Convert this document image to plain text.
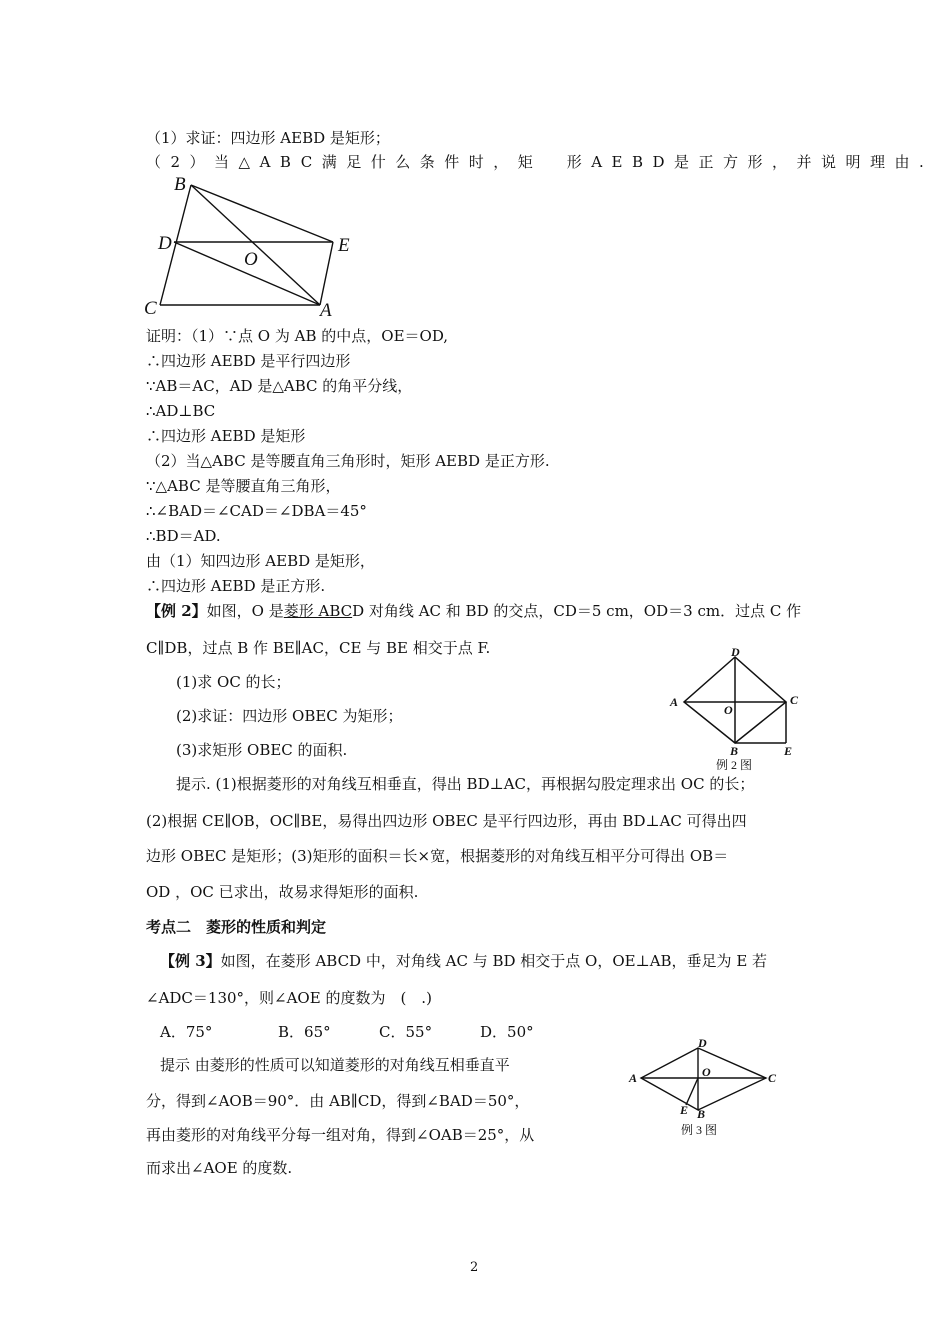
（1）求证：四边形 AEBD 是矩形；
（2）当△ABC满足什么条件时，矩　形AEBD是正方形，并说明理由.
B
D	E
O
C	A
证明：（1）∵点 O 为 AB 的中点，OE＝OD,
∴四边形 AEBD 是平行四边形
∵AB＝AC，AD 是△ABC 的角平分线，
∴AD⊥BC
∴四边形 AEBD 是矩形
（2）当△ABC 是等腰直角三角形时，矩形 AEBD 是正方形.
∵△ABC 是等腰直角三角形，
∴∠BAD＝∠CAD＝∠DBA＝45°
∴BD＝AD.
由（1）知四边形 AEBD 是矩形，
∴四边形 AEBD 是正方形.
【例 2】如图，O 是菱形 ABCD 对角线 AC 和 BD 的交点，CD＝5 cm，OD＝3 cm．过点 C 作
C∥DB，过点 B 作 BE∥AC，CE 与 BE 相交于点 F.
(1)求 OC 的长；
(2)求证：四边形 OBEC 为矩形；
(3)求矩形 OBEC 的面积.
D
A
O
C
B	E
例 2 图
提示. (1)根据菱形的对角线互相垂直，得出 BD⊥AC，再根据勾股定理求出 OC 的长；
(2)根据 CE∥OB，OC∥BE，易得出四边形 OBEC 是平行四边形，再由 BD⊥AC 可得出四
边形 OBEC 是矩形；(3)矩形的面积＝长×宽，根据菱形的对角线互相平分可得出 OB＝
OD ，OC 已求出，故易求得矩形的面积.
考点二　菱形的性质和判定
【例 3】如图，在菱形 ABCD 中，对角线 AC 与 BD 相交于点 O，OE⊥AB，垂足为 E 若
∠ADC＝130°，则∠AOE 的度数为　(　.)
A．75°	B．65°	C．55°	D．50°
提示 由菱形的性质可以知道菱形的对角线互相垂直平
分，得到∠AOB＝90°．由 AB∥CD，得到∠BAD＝50°，
再由菱形的对角线平分每一组对角，得到∠OAB＝25°，从
而求出∠AOE 的度数.
D
A	O	C
E B
例 3 图
2
